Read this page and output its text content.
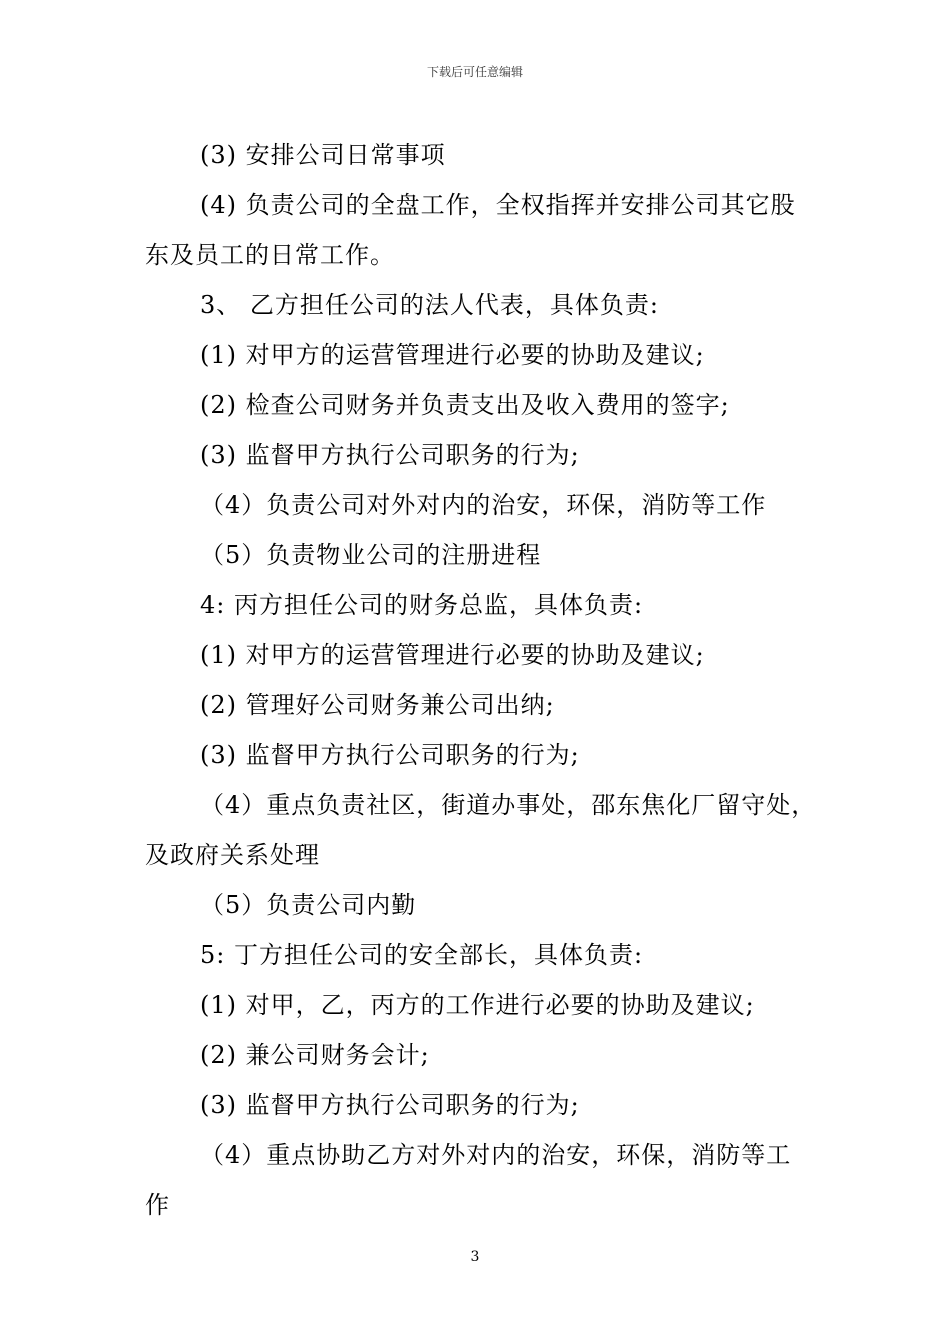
下载后可任意编辑
(3) 安排公司日常事项
(4) 负责公司的全盘工作，全权指挥并安排公司其它股
东及员工的日常工作。
3、 乙方担任公司的法人代表，具体负责:
(1) 对甲方的运营管理进行必要的协助及建议;
(2) 检查公司财务并负责支出及收入费用的签字;
(3) 监督甲方执行公司职务的行为;
（4）负责公司对外对内的治安，环保，消防等工作
（5）负责物业公司的注册进程
4: 丙方担任公司的财务总监，具体负责:
(1) 对甲方的运营管理进行必要的协助及建议;
(2) 管理好公司财务兼公司出纳;
(3) 监督甲方执行公司职务的行为;
（4）重点负责社区，街道办事处，邵东焦化厂留守处，
及政府关系处理
（5）负责公司内勤
5: 丁方担任公司的安全部长，具体负责:
(1) 对甲，乙，丙方的工作进行必要的协助及建议;
(2) 兼公司财务会计;
(3) 监督甲方执行公司职务的行为;
（4）重点协助乙方对外对内的治安，环保，消防等工
作
3
